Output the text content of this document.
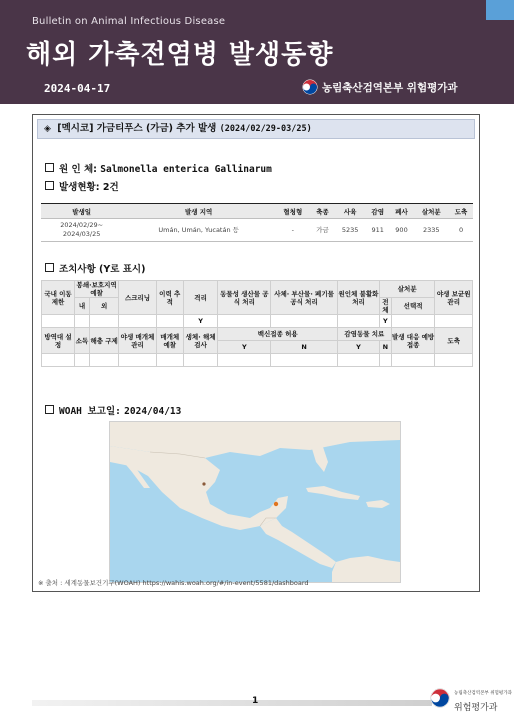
Bulletin on Animal Infectious Disease
해외 가축전염병 발생동향
2024-04-17	농림축산검역본부 위험평가과
◈ [멕시코] 가금티푸스 (가금) 추가 발생 (2024/02/29-03/25)
원 인 체: Salmonella enterica Gallinarum
발생현황: 2건
발생일	발생 지역	혈청형	축종	사육	감염	폐사	살처분	도축
2024/02/29~
2024/03/25	Umán, Umán, Yucatán 등	-	가금	5235	911	900	2335	0
조치사항 (Y로 표시)
국내 이동 제한	봉쇄·보호지역 예찰		스크리닝	이력 추적	격리	동물성 생산물 공식 처리	사체· 부산물· 폐기물 공식 처리	원인체 불활화 처리	살처분		야생 보균원 관리
	내	외							전체	선택적	
					Y				Y		
방역대 설정	소독	해충 구제	야생 매개체 관리	매개체 예찰	생체· 해체 검사	백신접종 허용		감염동물 치료		발생 대응 예방 접종	도축
						Y	N	Y	N		

WOAH 보고일: 2024/04/13
※ 출처 : 세계동물보건기구(WOAH) https://wahis.woah.org/#/in-event/5581/dashboard
1
농림축산검역본부 위험평가과
위험평가과
